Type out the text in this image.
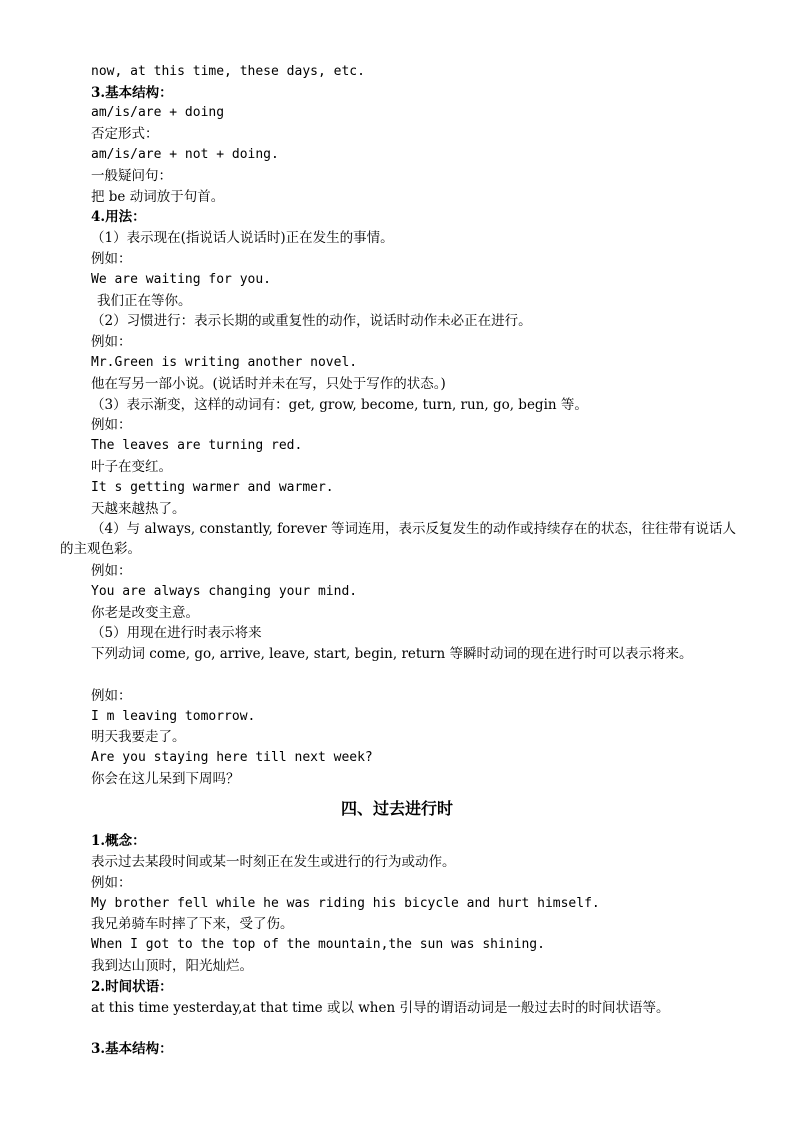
now, at this time, these days, etc.
3.基本结构：
am/is/are + doing
否定形式：
am/is/are + not + doing.
一般疑问句：
把 be 动词放于句首。
4.用法：
（1）表示现在(指说话人说话时)正在发生的事情。
例如：
We are waiting for you.
我们正在等你。
（2）习惯进行：表示长期的或重复性的动作，说话时动作未必正在进行。
例如：
Mr.Green is writing another novel.
他在写另一部小说。(说话时并未在写，只处于写作的状态。)
（3）表示渐变，这样的动词有：get, grow, become, turn, run, go, begin 等。
例如：
The leaves are turning red.
叶子在变红。
It s getting warmer and warmer.
天越来越热了。
（4）与 always, constantly, forever 等词连用，表示反复发生的动作或持续存在的状态，往往带有说话人的主观色彩。
例如：
You are always changing your mind.
你老是改变主意。
（5）用现在进行时表示将来
下列动词 come, go, arrive, leave, start, begin, return 等瞬时动词的现在进行时可以表示将来。
例如：
I m leaving tomorrow.
明天我要走了。
Are you staying here till next week?
你会在这儿呆到下周吗？
四、过去进行时
1.概念：
表示过去某段时间或某一时刻正在发生或进行的行为或动作。
例如：
My brother fell while he was riding his bicycle and hurt himself.
我兄弟骑车时摔了下来，受了伤。
When I got to the top of the mountain,the sun was shining.
我到达山顶时，阳光灿烂。
2.时间状语：
at this time yesterday,at that time 或以 when 引导的谓语动词是一般过去时的时间状语等。
3.基本结构：
